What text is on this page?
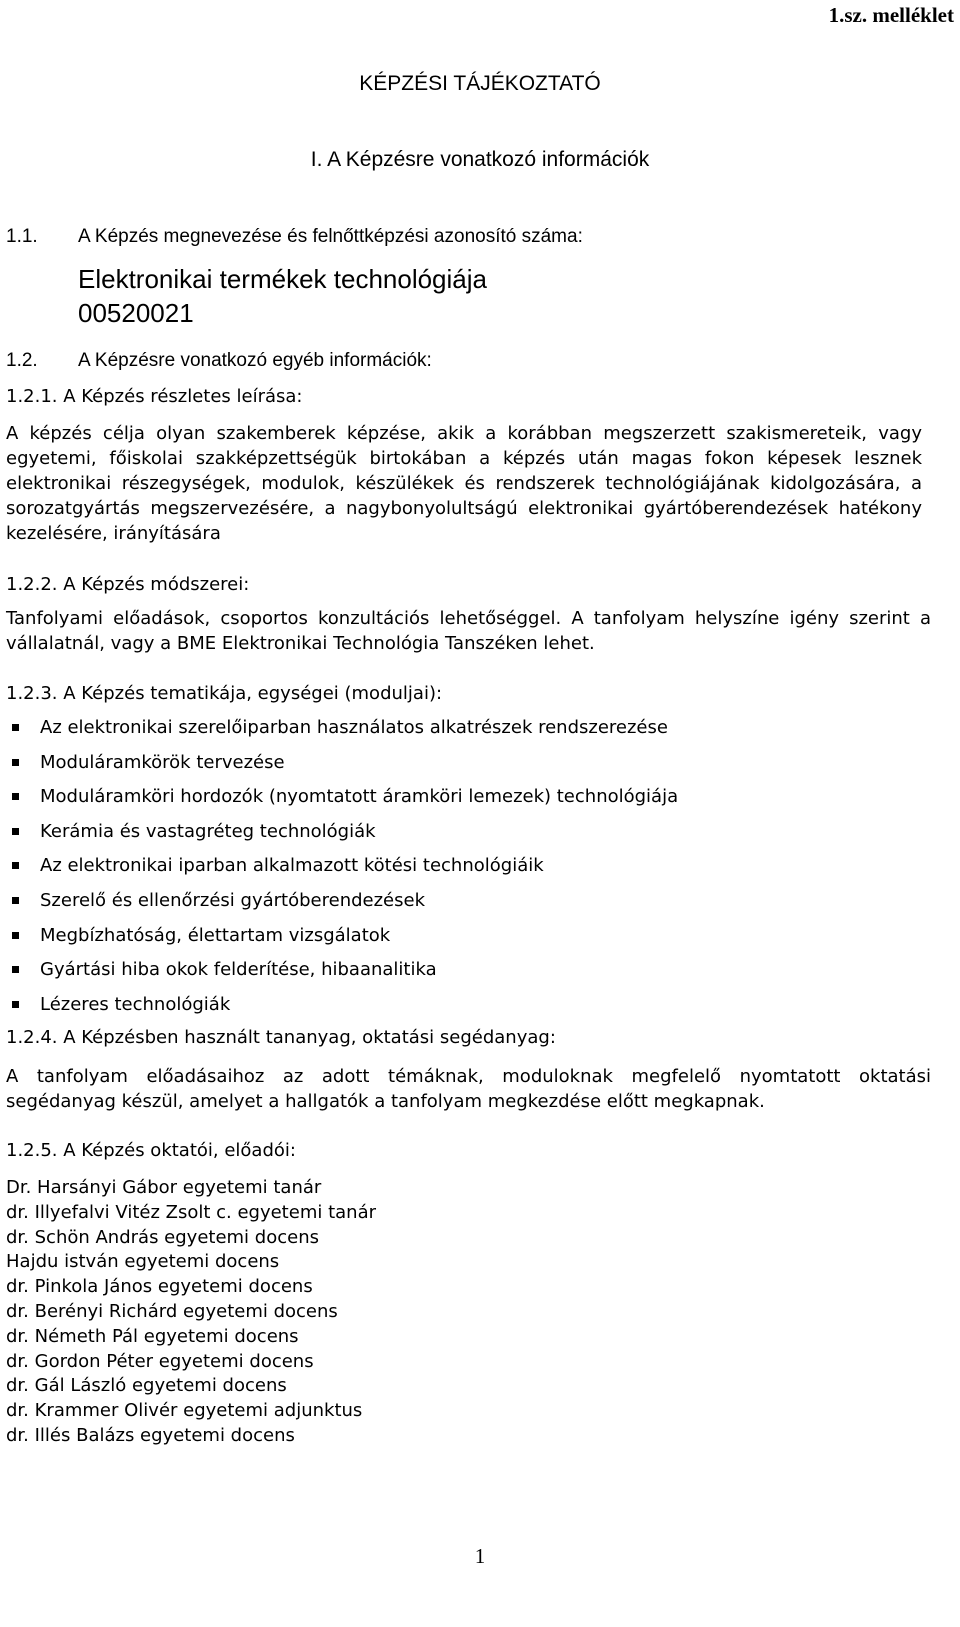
1.sz. melléklet
KÉPZÉSI TÁJÉKOZTATÓ
I. A Képzésre vonatkozó információk
1.1. A Képzés megnevezése és felnőttképzési azonosító száma:
Elektronikai termékek technológiája
00520021
1.2. A Képzésre vonatkozó egyéb információk:
1.2.1. A Képzés részletes leírása:
A képzés célja olyan szakemberek képzése, akik a korábban megszerzett szakismereteik, vagy egyetemi, főiskolai szakképzettségük birtokában a képzés után magas fokon képesek lesznek elektronikai részegységek, modulok, készülékek és rendszerek technológiájának kidolgozására, a sorozatgyártás megszervezésére, a nagybonyolultságú elektronikai gyártóberendezések hatékony kezelésére, irányítására
1.2.2. A Képzés módszerei:
Tanfolyami előadások, csoportos konzultációs lehetőséggel. A tanfolyam helyszíne igény szerint a vállalatnál, vagy a BME Elektronikai Technológia Tanszéken lehet.
1.2.3. A Képzés tematikája, egységei (moduljai):
Az elektronikai szerelőiparban használatos alkatrészek rendszerezése
Moduláramkörök tervezése
Moduláramköri hordozók (nyomtatott áramköri lemezek) technológiája
Kerámia és vastagréteg technológiák
Az elektronikai iparban alkalmazott kötési technológiáik
Szerelő és ellenőrzési gyártóberendezések
Megbízhatóság, élettartam vizsgálatok
Gyártási hiba okok felderítése, hibaanalitika
Lézeres technológiák
1.2.4. A Képzésben használt tananyag, oktatási segédanyag:
A tanfolyam előadásaihoz az adott témáknak, moduloknak megfelelő nyomtatott oktatási segédanyag készül, amelyet a hallgatók a tanfolyam megkezdése előtt megkapnak.
1.2.5. A Képzés oktatói, előadói:
Dr. Harsányi Gábor egyetemi tanár
dr. Illyefalvi Vitéz Zsolt c. egyetemi tanár
dr. Schön András egyetemi docens
Hajdu istván egyetemi docens
dr. Pinkola János egyetemi docens
dr. Berényi Richárd egyetemi docens
dr. Németh Pál egyetemi docens
dr. Gordon Péter egyetemi docens
dr. Gál László egyetemi docens
dr. Krammer Olivér egyetemi adjunktus
dr. Illés Balázs egyetemi docens
1
